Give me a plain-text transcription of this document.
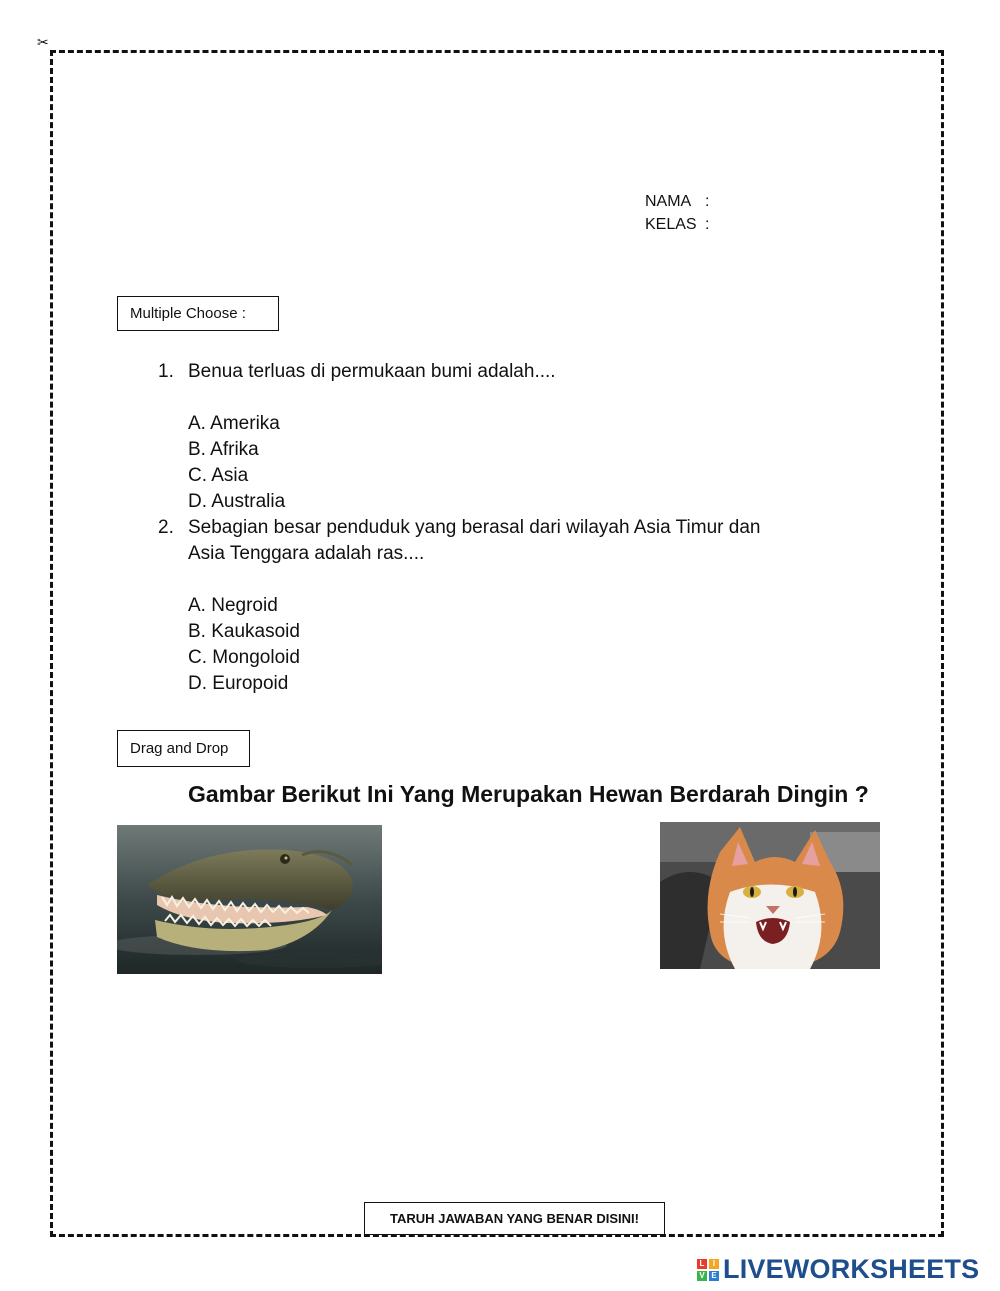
✂
NAMA :
KELAS :
Multiple Choose :
1. Benua terluas di permukaan bumi adalah....
A. Amerika
B. Afrika
C. Asia
D. Australia
2. Sebagian besar penduduk yang berasal dari wilayah Asia Timur dan Asia Tenggara adalah ras....
A. Negroid
B. Kaukasoid
C. Mongoloid
D. Europoid
Drag and Drop
Gambar Berikut Ini Yang Merupakan Hewan Berdarah Dingin ?
TARUH JAWABAN YANG BENAR DISINI!
L	I
V E LIVEWORKSHEETS
